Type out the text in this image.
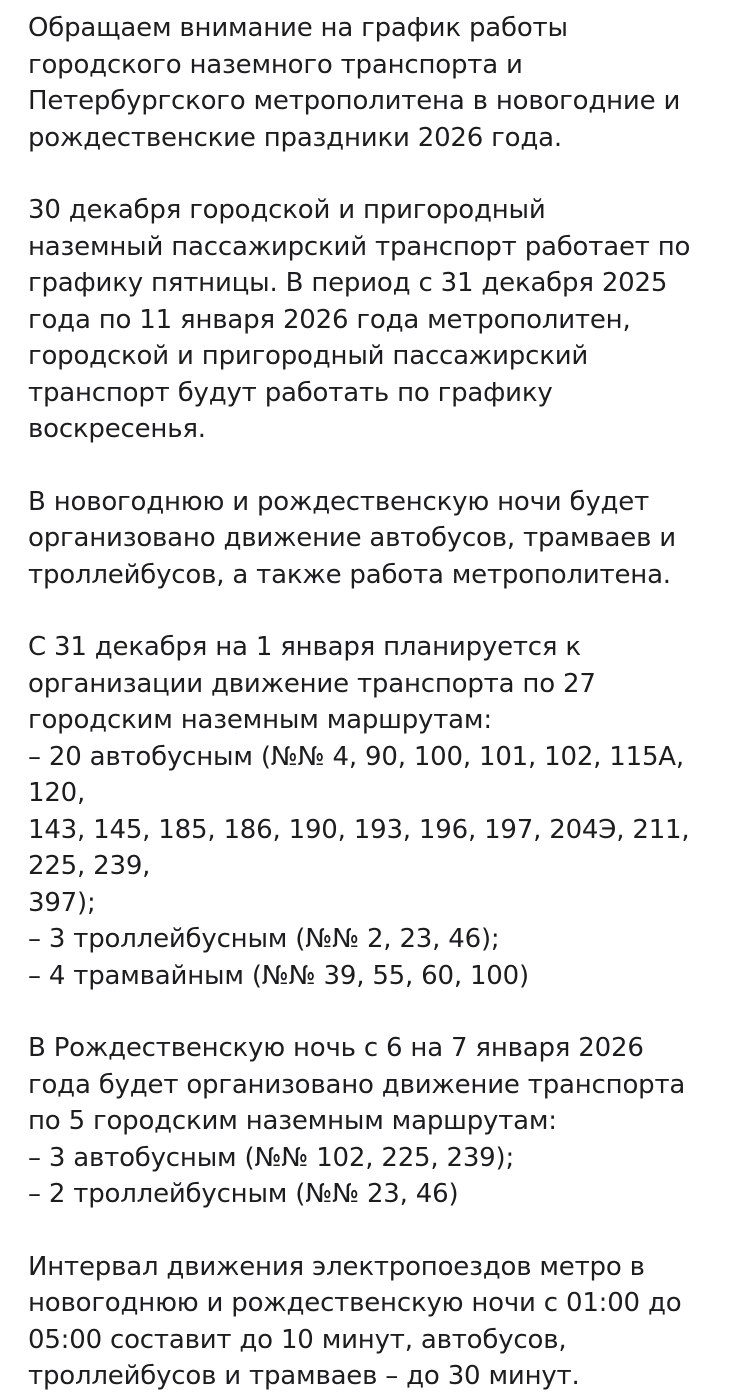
Обращаем внимание на график работы
городского наземного транспорта и
Петербургского метрополитена в новогодние и
рождественские праздники 2026 года.

30 декабря городской и пригородный
наземный пассажирский транспорт работает по
графику пятницы. В период с 31 декабря 2025
года по 11 января 2026 года метрополитен,
городской и пригородный пассажирский
транспорт будут работать по графику
воскресенья.

В новогоднюю и рождественскую ночи будет
организовано движение автобусов, трамваев и
троллейбусов, а также работа метрополитена.

С 31 декабря на 1 января планируется к
организации движение транспорта по 27
городским наземным маршрутам:
– 20 автобусным (№№ 4, 90, 100, 101, 102, 115А, 120,
143, 145, 185, 186, 190, 193, 196, 197, 204Э, 211, 225, 239,
397);
– 3 троллейбусным (№№ 2, 23, 46);
– 4 трамвайным (№№ 39, 55, 60, 100)

В Рождественскую ночь с 6 на 7 января 2026
года будет организовано движение транспорта
по 5 городским наземным маршрутам:
– 3 автобусным (№№ 102, 225, 239);
– 2 троллейбусным (№№ 23, 46)

Интервал движения электропоездов метро в
новогоднюю и рождественскую ночи с 01:00 до
05:00 составит до 10 минут, автобусов,
троллейбусов и трамваев – до 30 минут.
